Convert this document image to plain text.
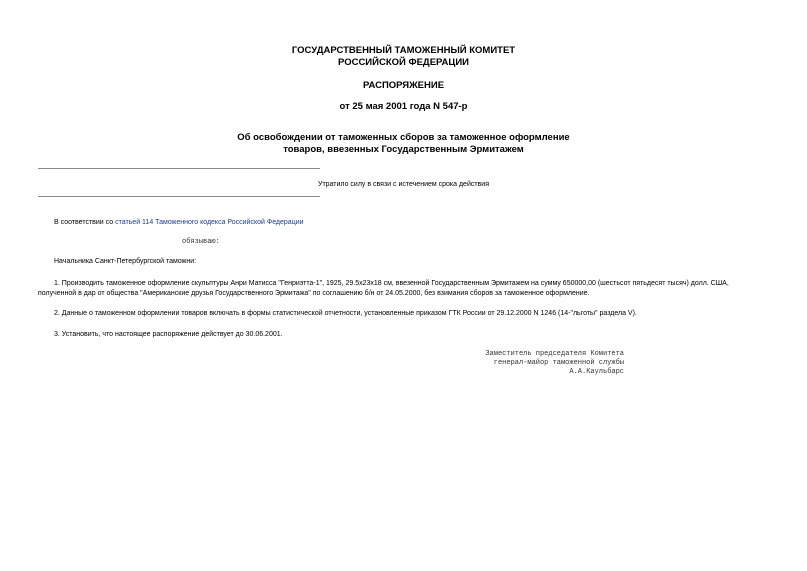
ГОСУДАРСТВЕННЫЙ ТАМОЖЕННЫЙ КОМИТЕТ
РОССИЙСКОЙ ФЕДЕРАЦИИ
РАСПОРЯЖЕНИЕ
от 25 мая 2001 года N 547-р
Об освобождении от таможенных сборов за таможенное оформление
товаров, ввезенных Государственным Эрмитажем
Утратило силу в связи с истечением срока действия
В соответствии со статьей 114 Таможенного кодекса Российской Федерации
обязываю:
Начальника Санкт-Петербургской таможни:
1. Производить таможенное оформление скульптуры Анри Матисса "Генриэтта-1", 1925, 29.5х23х18 см, ввезенной Государственным Эрмитажем на сумму 650000,00 (шестьсот пятьдесят тысяч) долл. США,
полученной в дар от общества "Американские друзья Государственного Эрмитажа" по соглашению б/н от 24.05.2000, без взимания сборов за таможенное оформление.
2. Данные о таможенном оформлении товаров включать в формы статистической отчетности, установленные приказом ГТК России от 29.12.2000 N 1246 (14-"льготы" раздела V).
3. Установить, что настоящее распоряжение действует до 30.06.2001.
Заместитель председателя Комитета
генерал-майор таможенной службы
А.А.Каульбарс
